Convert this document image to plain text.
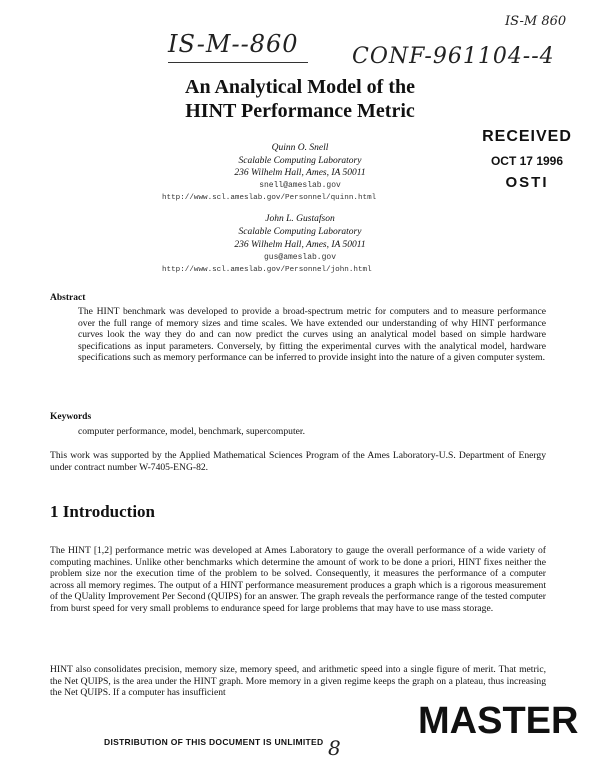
IS-M--860 CONF-961104--4
IS-M 860
An Analytical Model of the
HINT Performance Metric
RECEIVED
OCT 17 1996
OSTI
Quinn O. Snell
Scalable Computing Laboratory
236 Wilhelm Hall, Ames, IA 50011
snell@ameslab.gov
http://www.scl.ameslab.gov/Personnel/quinn.html
John L. Gustafson
Scalable Computing Laboratory
236 Wilhelm Hall, Ames, IA 50011
gus@ameslab.gov
http://www.scl.ameslab.gov/Personnel/john.html
Abstract
The HINT benchmark was developed to provide a broad-spectrum metric for computers and to measure performance over the full range of memory sizes and time scales. We have extended our understanding of why HINT performance curves look the way they do and can now predict the curves using an analytical model based on simple hardware specifications as input parameters. Conversely, by fitting the experimental curves with the analytical model, hardware specifications such as memory performance can be inferred to provide insight into the nature of a given computer system.
Keywords
computer performance, model, benchmark, supercomputer.
This work was supported by the Applied Mathematical Sciences Program of the Ames Laboratory-U.S. Department of Energy under contract number W-7405-ENG-82.
1 Introduction
The HINT [1,2] performance metric was developed at Ames Laboratory to gauge the overall performance of a wide variety of computing machines. Unlike other benchmarks which determine the amount of work to be done a priori, HINT fixes neither the problem size nor the execution time of the problem to be solved. Consequently, it measures the performance of a computer across all memory regimes. The output of a HINT performance measurement produces a graph which is a rigorous measurement of the QUality Improvement Per Second (QUIPS) for an answer. The graph reveals the performance range of the tested computer from burst speed for very small problems to endurance speed for large problems that may have to use mass storage.
HINT also consolidates precision, memory size, memory speed, and arithmetic speed into a single figure of merit. That metric, the Net QUIPS, is the area under the HINT graph. More memory in a given regime keeps the graph on a plateau, thus increasing the Net QUIPS. If a computer has insufficient
DISTRIBUTION OF THIS DOCUMENT IS UNLIMITED 8
MASTER
